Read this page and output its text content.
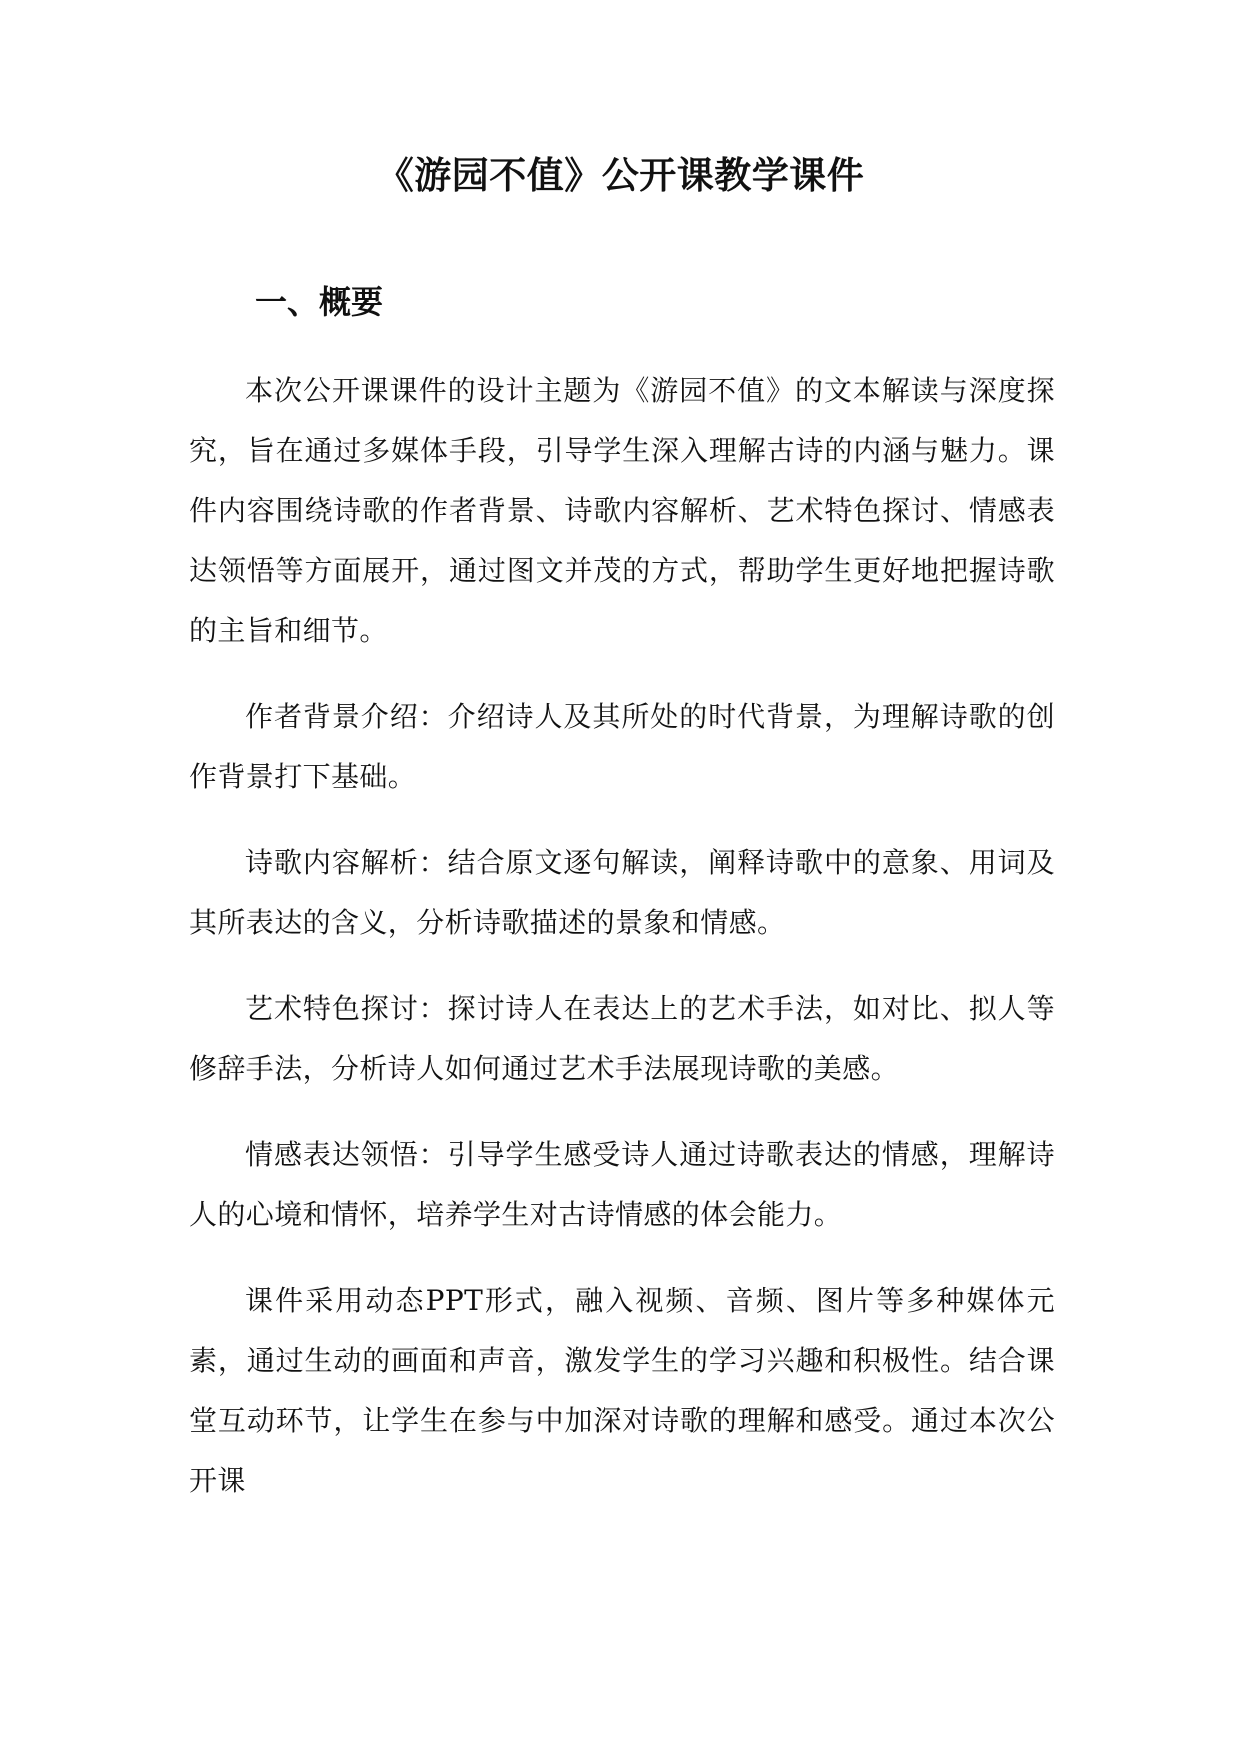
《游园不值》公开课教学课件
一、概要

本次公开课课件的设计主题为《游园不值》的文本解读与深度探究，旨在通过多媒体手段，引导学生深入理解古诗的内涵与魅力。课件内容围绕诗歌的作者背景、诗歌内容解析、艺术特色探讨、情感表达领悟等方面展开，通过图文并茂的方式，帮助学生更好地把握诗歌的主旨和细节。

作者背景介绍：介绍诗人及其所处的时代背景，为理解诗歌的创作背景打下基础。

诗歌内容解析：结合原文逐句解读，阐释诗歌中的意象、用词及其所表达的含义，分析诗歌描述的景象和情感。

艺术特色探讨：探讨诗人在表达上的艺术手法，如对比、拟人等修辞手法，分析诗人如何通过艺术手法展现诗歌的美感。

情感表达领悟：引导学生感受诗人通过诗歌表达的情感，理解诗人的心境和情怀，培养学生对古诗情感的体会能力。

课件采用动态PPT形式，融入视频、音频、图片等多种媒体元素，通过生动的画面和声音，激发学生的学习兴趣和积极性。结合课堂互动环节，让学生在参与中加深对诗歌的理解和感受。通过本次公开课
